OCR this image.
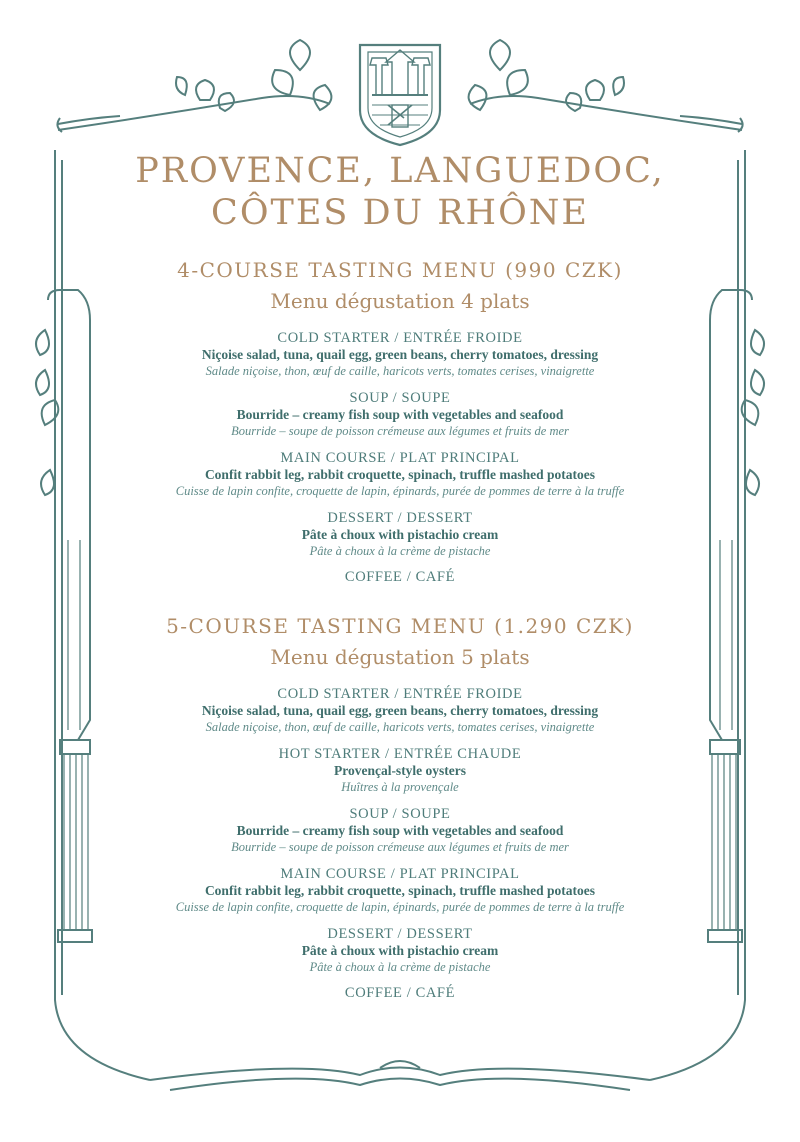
PROVENCE, LANGUEDOC,
CÔTES DU RHÔNE
4-COURSE TASTING MENU (990 CZK)
Menu dégustation 4 plats
COLD STARTER / ENTRÉE FROIDE
Niçoise salad, tuna, quail egg, green beans, cherry tomatoes, dressing
Salade niçoise, thon, œuf de caille, haricots verts, tomates cerises, vinaigrette
SOUP / SOUPE
Bourride – creamy fish soup with vegetables and seafood
Bourride – soupe de poisson crémeuse aux légumes et fruits de mer
MAIN COURSE / PLAT PRINCIPAL
Confit rabbit leg, rabbit croquette, spinach, truffle mashed potatoes
Cuisse de lapin confite, croquette de lapin, épinards, purée de pommes de terre à la truffe
DESSERT / DESSERT
Pâte à choux with pistachio cream
Pâte à choux à la crème de pistache
COFFEE / CAFÉ
5-COURSE TASTING MENU (1.290 CZK)
Menu dégustation 5 plats
COLD STARTER / ENTRÉE FROIDE
Niçoise salad, tuna, quail egg, green beans, cherry tomatoes, dressing
Salade niçoise, thon, œuf de caille, haricots verts, tomates cerises, vinaigrette
HOT STARTER / ENTRÉE CHAUDE
Provençal-style oysters
Huîtres à la provençale
SOUP / SOUPE
Bourride – creamy fish soup with vegetables and seafood
Bourride – soupe de poisson crémeuse aux légumes et fruits de mer
MAIN COURSE / PLAT PRINCIPAL
Confit rabbit leg, rabbit croquette, spinach, truffle mashed potatoes
Cuisse de lapin confite, croquette de lapin, épinards, purée de pommes de terre à la truffe
DESSERT / DESSERT
Pâte à choux with pistachio cream
Pâte à choux à la crème de pistache
COFFEE / CAFÉ
